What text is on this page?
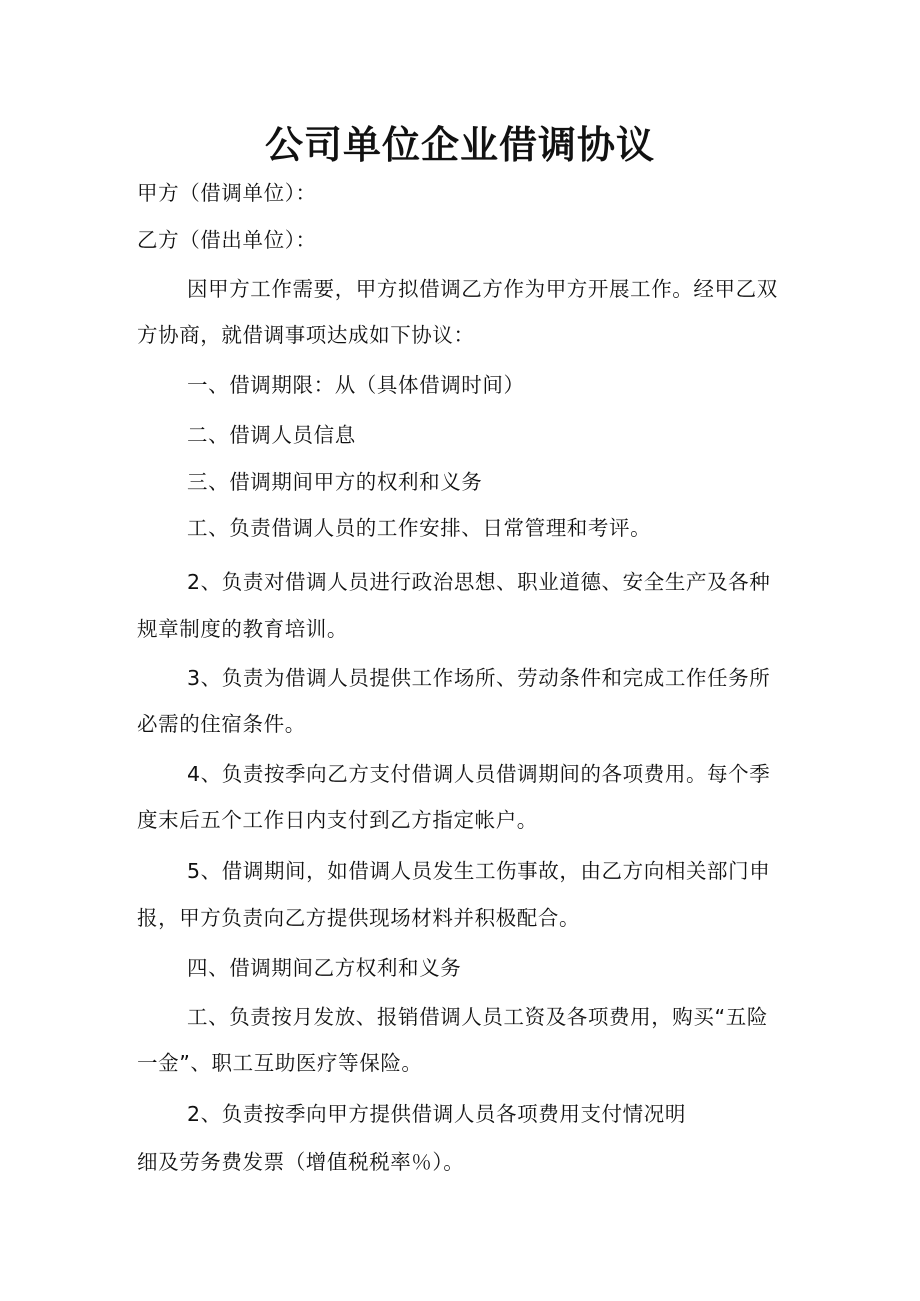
公司单位企业借调协议
甲方（借调单位）：
乙方（借出单位）：
因甲方工作需要，甲方拟借调乙方作为甲方开展工作。经甲乙双
方协商，就借调事项达成如下协议：
一、借调期限：从（具体借调时间）
二、借调人员信息
三、借调期间甲方的权利和义务
工、负责借调人员的工作安排、日常管理和考评。
2、负责对借调人员进行政治思想、职业道德、安全生产及各种
规章制度的教育培训。
3、负责为借调人员提供工作场所、劳动条件和完成工作任务所
必需的住宿条件。
4、负责按季向乙方支付借调人员借调期间的各项费用。每个季
度末后五个工作日内支付到乙方指定帐户。
5、借调期间，如借调人员发生工伤事故，由乙方向相关部门申
报，甲方负责向乙方提供现场材料并积极配合。
四、借调期间乙方权利和义务
工、负责按月发放、报销借调人员工资及各项费用，购买“五险
一金”、职工互助医疗等保险。
2、负责按季向甲方提供借调人员各项费用支付情况明
细及劳务费发票（增值税税率％）。
